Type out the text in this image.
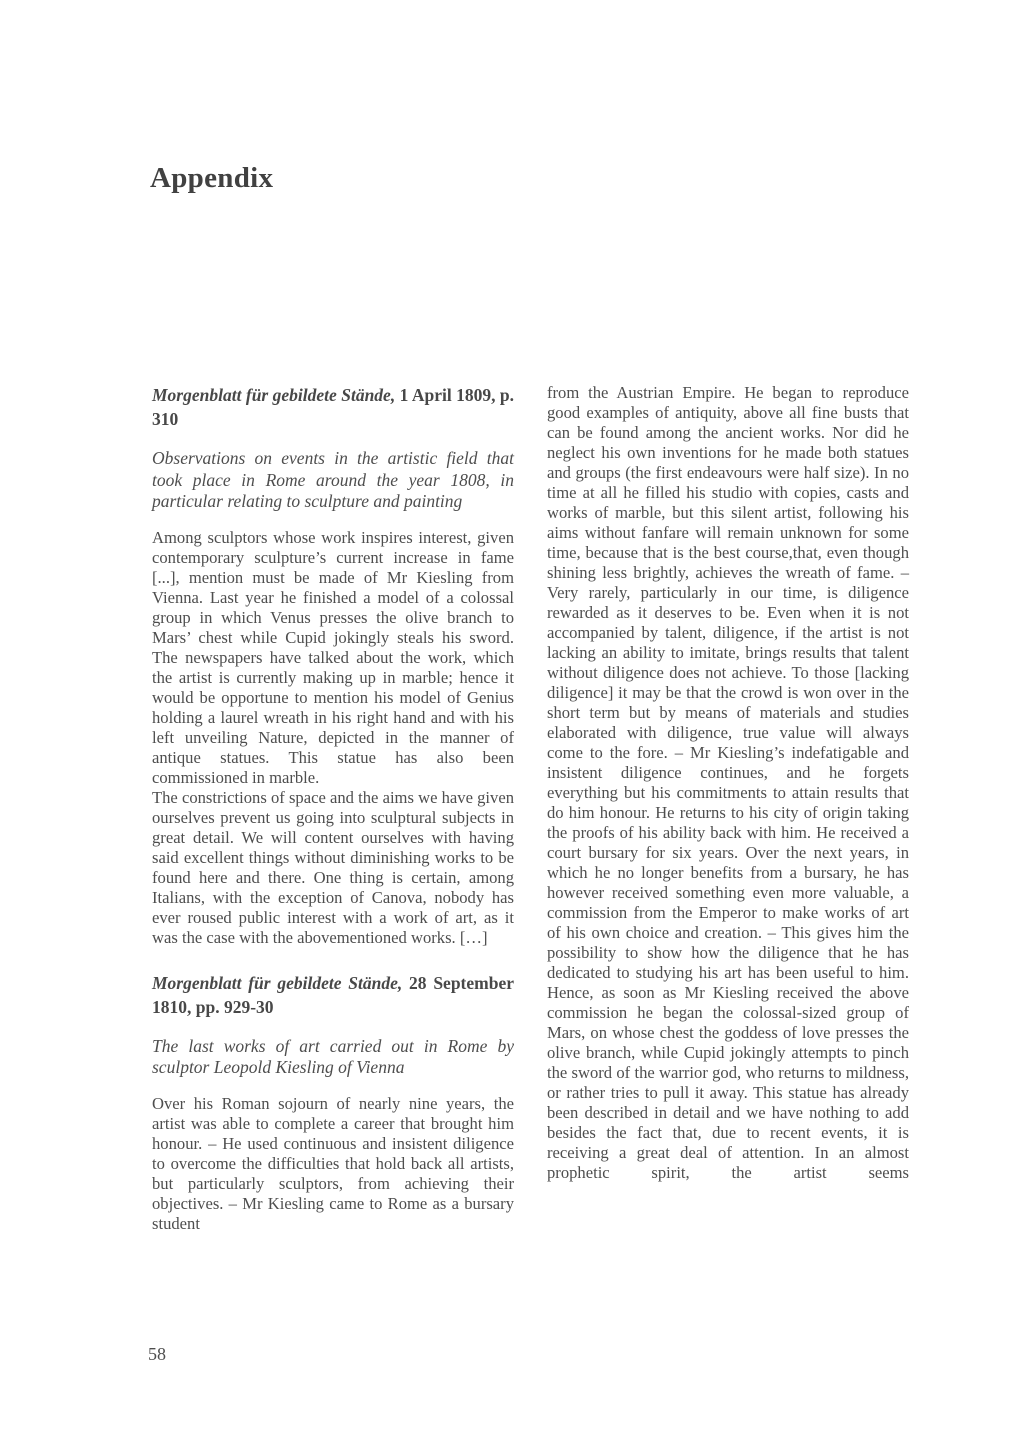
Appendix

Morgenblatt für gebildete Stände, 1 April 1809, p. 310

Observations on events in the artistic field that took place in Rome around the year 1808, in particular relating to sculpture and painting

Among sculptors whose work inspires interest, given contemporary sculpture’s current increase in fame [...], mention must be made of Mr Kiesling from Vienna. Last year he finished a model of a colossal group in which Venus presses the olive branch to Mars’ chest while Cupid jokingly steals his sword. The newspapers have talked about the work, which the artist is currently making up in marble; hence it would be opportune to mention his model of Genius holding a laurel wreath in his right hand and with his left unveiling Nature, depicted in the manner of antique statues. This statue has also been commissioned in marble.

The constrictions of space and the aims we have given ourselves prevent us going into sculptural subjects in great detail. We will content ourselves with having said excellent things without diminishing works to be found here and there. One thing is certain, among Italians, with the exception of Canova, nobody has ever roused public interest with a work of art, as it was the case with the abovementioned works. […]

Morgenblatt für gebildete Stände, 28 September 1810, pp. 929-30

The last works of art carried out in Rome by sculptor Leopold Kiesling of Vienna

Over his Roman sojourn of nearly nine years, the artist was able to complete a career that brought him honour. – He used continuous and insistent diligence to overcome the difficulties that hold back all artists, but particularly sculptors, from achieving their objectives. – Mr Kiesling came to Rome as a bursary student

from the Austrian Empire. He began to reproduce good examples of antiquity, above all fine busts that can be found among the ancient works. Nor did he neglect his own inventions for he made both statues and groups (the first endeavours were half size). In no time at all he filled his studio with copies, casts and works of marble, but this silent artist, following his aims without fanfare will remain unknown for some time, because that is the best course,that, even though shining less brightly, achieves the wreath of fame. – Very rarely, particularly in our time, is diligence rewarded as it deserves to be. Even when it is not accompanied by talent, diligence, if the artist is not lacking an ability to imitate, brings results that talent without diligence does not achieve. To those [lacking diligence] it may be that the crowd is won over in the short term but by means of materials and studies elaborated with diligence, true value will always come to the fore. – Mr Kiesling’s indefatigable and insistent diligence continues, and he forgets everything but his commitments to attain results that do him honour. He returns to his city of origin taking the proofs of his ability back with him. He received a court bursary for six years. Over the next years, in which he no longer benefits from a bursary, he has however received something even more valuable, a commission from the Emperor to make works of art of his own choice and creation. – This gives him the possibility to show how the diligence that he has dedicated to studying his art has been useful to him.

Hence, as soon as Mr Kiesling received the above commission he began the colossal-sized group of Mars, on whose chest the goddess of love presses the olive branch, while Cupid jokingly attempts to pinch the sword of the warrior god, who returns to mildness, or rather tries to pull it away. This statue has already been described in detail and we have nothing to add besides the fact that, due to recent events, it is receiving a great deal of attention. In an almost prophetic spirit, the artist seems

58
